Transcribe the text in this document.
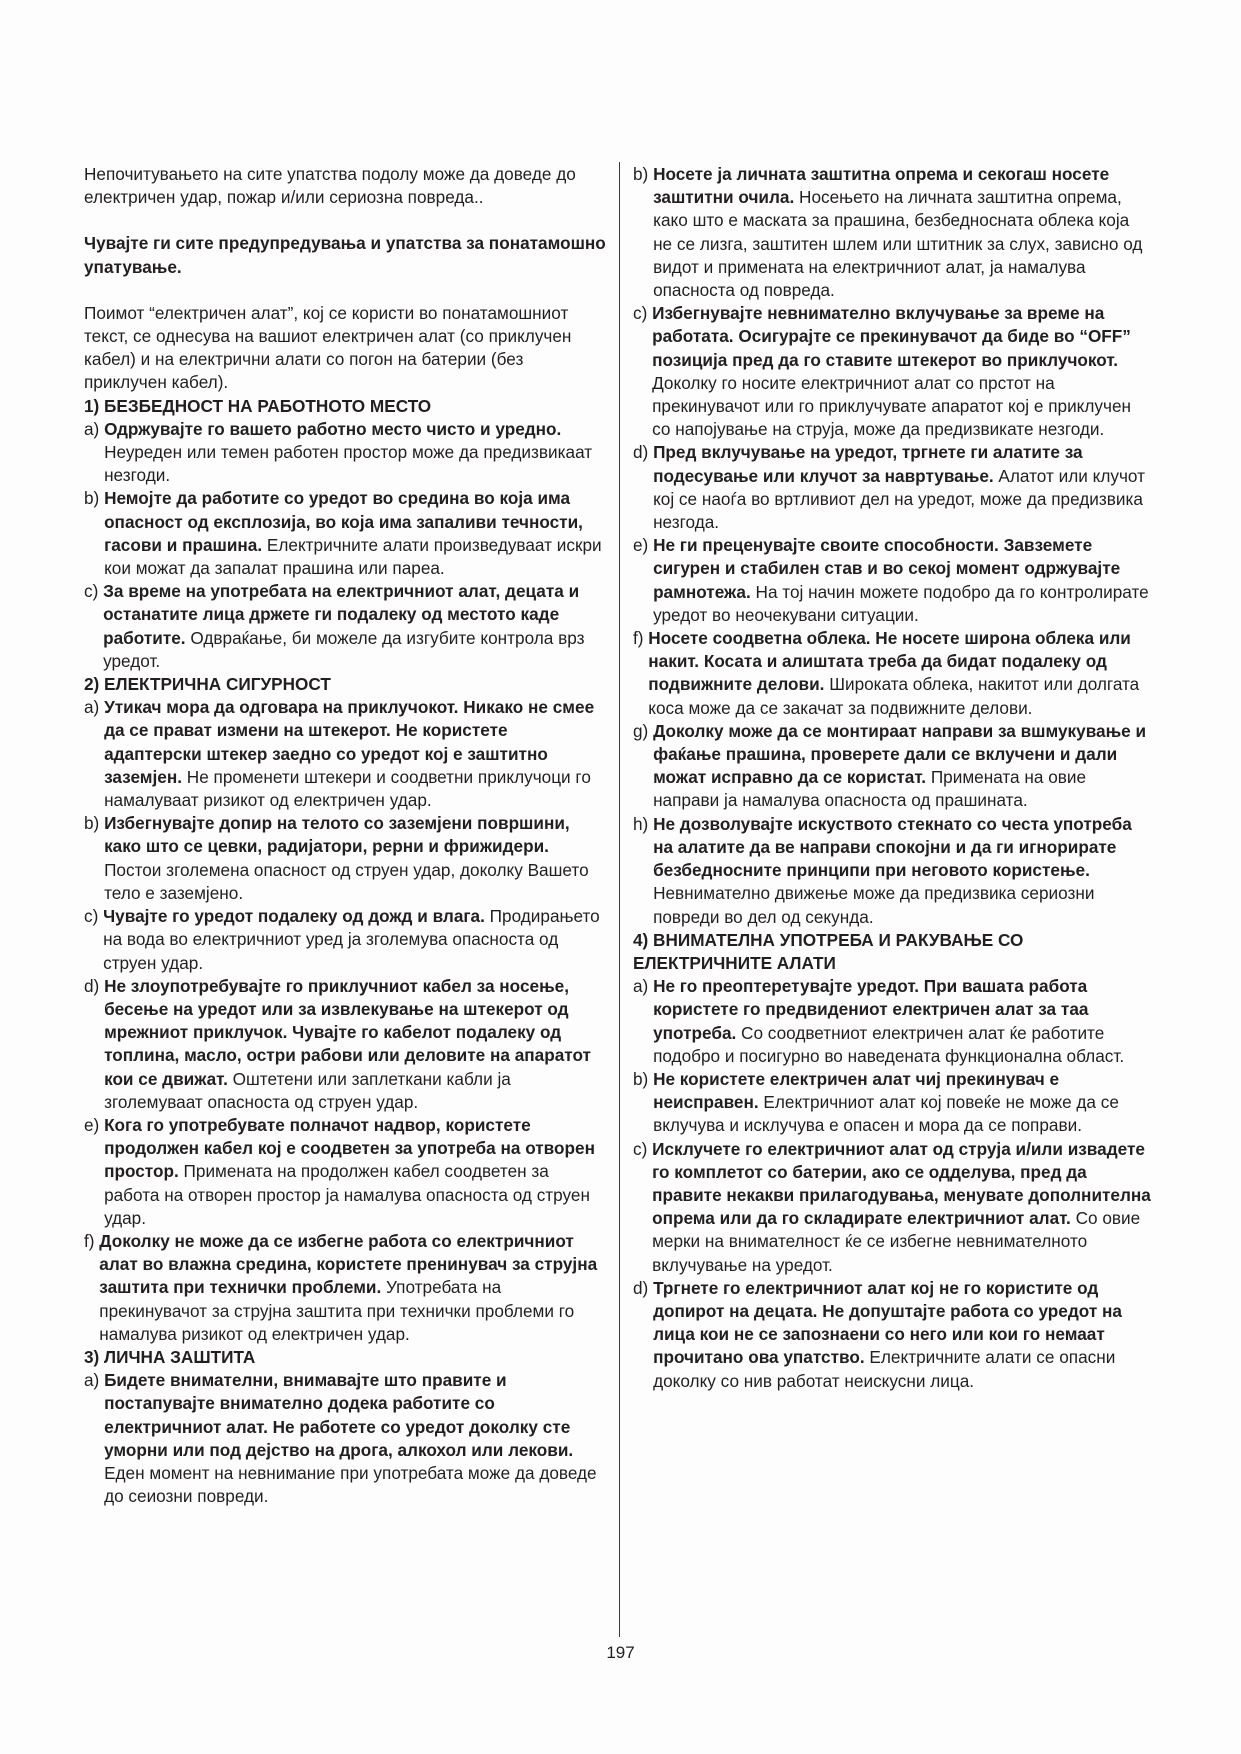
Непочитувањето на сите упатства подолу може да доведе до електричен удар, пожар и/или сериозна повреда..

Чувајте ги сите предупредувања и упатства за понатамошно упатување.

Поимот “електричен алат”, кој се користи во понатамошниот текст, се однесува на вашиот електричен алат (со приклучен кабел) и на електрични алати со погон на батерии (без приклучен кабел).

1) БЕЗБЕДНОСТ НА РАБОТНОТО МЕСТО

a) Одржувајте го вашето работно место чисто и уредно. Неуреден или темен работен простор може да предизвикаат незгоди.
b) Немојте да работите со уредот во средина во која има опасност од експлозија, во која има запаливи течности, гасови и прашина. Електричните алати произведуваат искри кои можат да запалат прашина или пареа.
c) За време на употребата на електричниот алат, децата и останатите лица држете ги подалеку од местото каде работите. Одвраќање, би можеле да изгубите контрола врз уредот.

2) ЕЛЕКТРИЧНА СИГУРНОСТ

a) Утикач мора да одговара на приклучокот. Никако не смее да се прават измени на штекерот. Не користете адаптерски штекер заедно со уредот кој е заштитно заземјен. Не променети штекери и соодветни приклучоци го намалуваат ризикот од електричен удар.
b) Избегнувајте допир на телото со заземјени површини, како што се цевки, радијатори, рерни и фрижидери. Постои зголемена опасност од струен удар, доколку Вашето тело е заземјено.
c) Чувајте го уредот подалеку од дожд и влага. Продирањето на вода во електричниот уред ја зголемува опасноста од струен удар.
d) Не злоупотребувајте го приклучниот кабел за носење, бесење на уредот или за извлекување на штекерот од мрежниот приклучок. Чувајте го кабелот подалеку од топлина, масло, остри рабови или деловите на апаратот кои се движат. Оштетени или заплеткани кабли ја зголемуваат опасноста од струен удар.
e) Кога го употребувате полначот надвор, користете продолжен кабел кој е соодветен за употреба на отворен простор. Примената на продолжен кабел соодветен за работа на отворен простор ја намалува опасноста од струен удар.
f) Доколку не може да се избегне работа со електричниот алат во влажна средина, користете пренинувач за струјна заштита при технички проблеми. Употребата на прекинувачот за струјна заштита при технички проблеми го намалува ризикот од електричен удар.

3) ЛИЧНА ЗАШТИТА

a) Бидете внимателни, внимавајте што правите и постапувајте внимателно додека работите со електричниот алат. Не работете со уредот доколку сте уморни или под дејство на дрога, алкохол или лекови. Еден момент на невнимание при употребата може да доведе до сеиозни повреди.
b) Носете ја личната заштитна опрема и секогаш носете заштитни очила. Носењето на личната заштитна опрема, како што е маската за прашина, безбедносната облека која не се лизга, заштитен шлем или штитник за слух, зависно од видот и примената на електричниот алат, ја намалува опасноста од повреда.
c) Избегнувајте невнимателно вклучување за време на работата. Осигурајте се прекинувачот да биде во “OFF” позиција пред да го ставите штекерот во приклучокот. Доколку го носите електричниот алат со прстот на прекинувачот или го приклучувате апаратот кој е приклучен со напојување на струја, може да предизвикате незгоди.
d) Пред вклучување на уредот, тргнете ги алатите за подесување или клучот за навртување. Алатот или клучот кој се наоѓа во вртливиот дел на уредот, може да предизвика незгода.
e) Не ги преценувајте своите способности. Завземете сигурен и стабилен став и во секој момент одржувајте рамнотежа. На тој начин можете подобро да го контролирате уредот во неочекувани ситуации.
f) Носете соодветна облека. Не носете широна облека или накит. Косата и алиштата треба да бидат подалеку од подвижните делови. Широката облека, накитот или долгата коса може да се закачат за подвижните делови.
g) Доколку може да се монтираат направи за вшмукување и фаќање прашина, проверете дали се вклучени и дали можат исправно да се користат. Примената на овие направи ја намалува опасноста од прашината.
h) Не дозволувајте искуството стекнато со честа употреба на алатите да ве направи спокојни и да ги игнорирате безбедносните принципи при неговото користење. Невнимателно движење може да предизвика сериозни повреди во дел од секунда.

4) ВНИМАТЕЛНА УПОТРЕБА И РАКУВАЊЕ СО ЕЛЕКТРИЧНИТЕ АЛАТИ

a) Не го преоптеретувајте уредот. При вашата работа користете го предвидениот електричен алат за таа употреба. Со соодветниот електричен алат ќе работите подобро и посигурно во наведената функционална област.
b) Не користете електричен алат чиј прекинувач е неисправен. Електричниот алат кој повеќе не може да се вклучува и исклучува е опасен и мора да се поправи.
c) Исклучете го електричниот алат од струја и/или извадете го комплетот со батерии, ако се одделува, пред да правите некакви прилагодувања, менувате дополнителна опрема или да го складирате електричниот алат. Со овие мерки на внимателност ќе се избегне невнимателното вклучување на уредот.
d) Тргнете го електричниот алат кој не го користите од допирот на децата. Не допуштајте работа со уредот на лица кои не се запознаени со него или кои го немаат прочитано ова упатство. Електричните алати се опасни доколку со нив работат неискусни лица.
197
